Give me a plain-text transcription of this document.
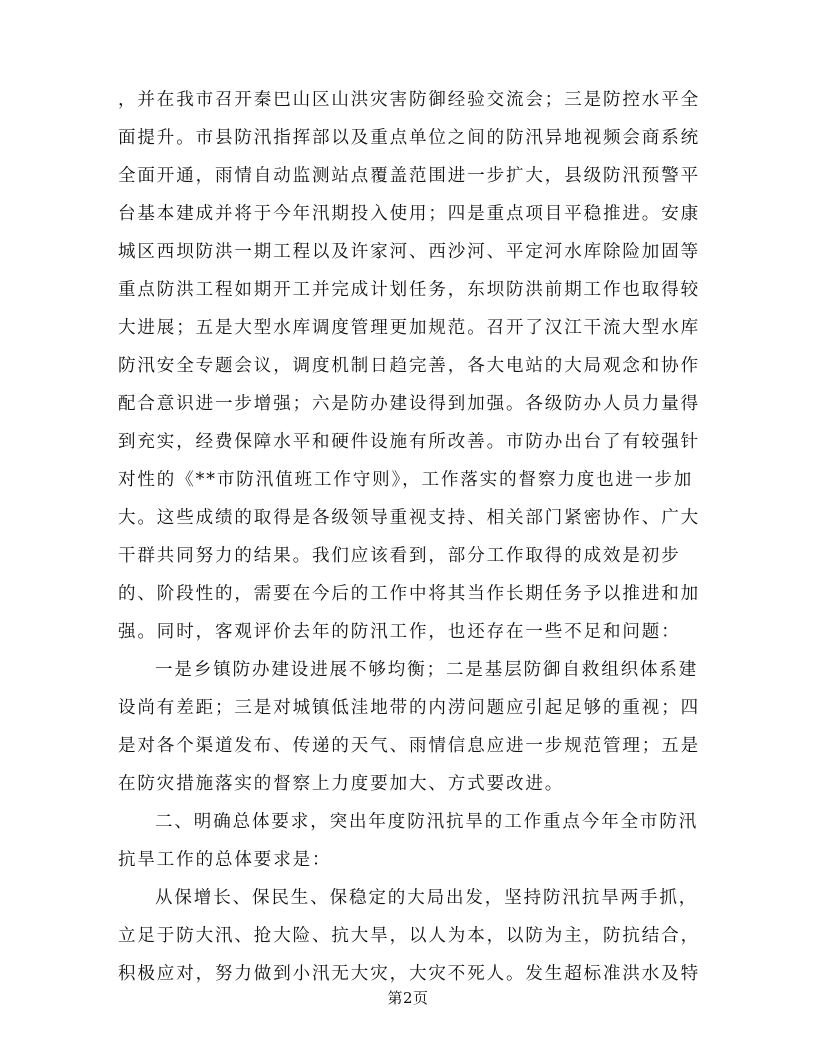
，并在我市召开秦巴山区山洪灾害防御经验交流会；三是防控水平全
面提升。市县防汛指挥部以及重点单位之间的防汛异地视频会商系统
全面开通，雨情自动监测站点覆盖范围进一步扩大，县级防汛预警平
台基本建成并将于今年汛期投入使用；四是重点项目平稳推进。安康
城区西坝防洪一期工程以及许家河、西沙河、平定河水库除险加固等
重点防洪工程如期开工并完成计划任务，东坝防洪前期工作也取得较
大进展；五是大型水库调度管理更加规范。召开了汉江干流大型水库
防汛安全专题会议，调度机制日趋完善，各大电站的大局观念和协作
配合意识进一步增强；六是防办建设得到加强。各级防办人员力量得
到充实，经费保障水平和硬件设施有所改善。市防办出台了有较强针
对性的《**市防汛值班工作守则》，工作落实的督察力度也进一步加
大。这些成绩的取得是各级领导重视支持、相关部门紧密协作、广大
干群共同努力的结果。我们应该看到，部分工作取得的成效是初步
的、阶段性的，需要在今后的工作中将其当作长期任务予以推进和加
强。同时，客观评价去年的防汛工作，也还存在一些不足和问题：
一是乡镇防办建设进展不够均衡；二是基层防御自救组织体系建
设尚有差距；三是对城镇低洼地带的内涝问题应引起足够的重视；四
是对各个渠道发布、传递的天气、雨情信息应进一步规范管理；五是
在防灾措施落实的督察上力度要加大、方式要改进。
二、明确总体要求，突出年度防汛抗旱的工作重点今年全市防汛
抗旱工作的总体要求是：
从保增长、保民生、保稳定的大局出发，坚持防汛抗旱两手抓，
立足于防大汛、抢大险、抗大旱，以人为本，以防为主，防抗结合，
积极应对，努力做到小汛无大灾，大灾不死人。发生超标准洪水及特
第2页
